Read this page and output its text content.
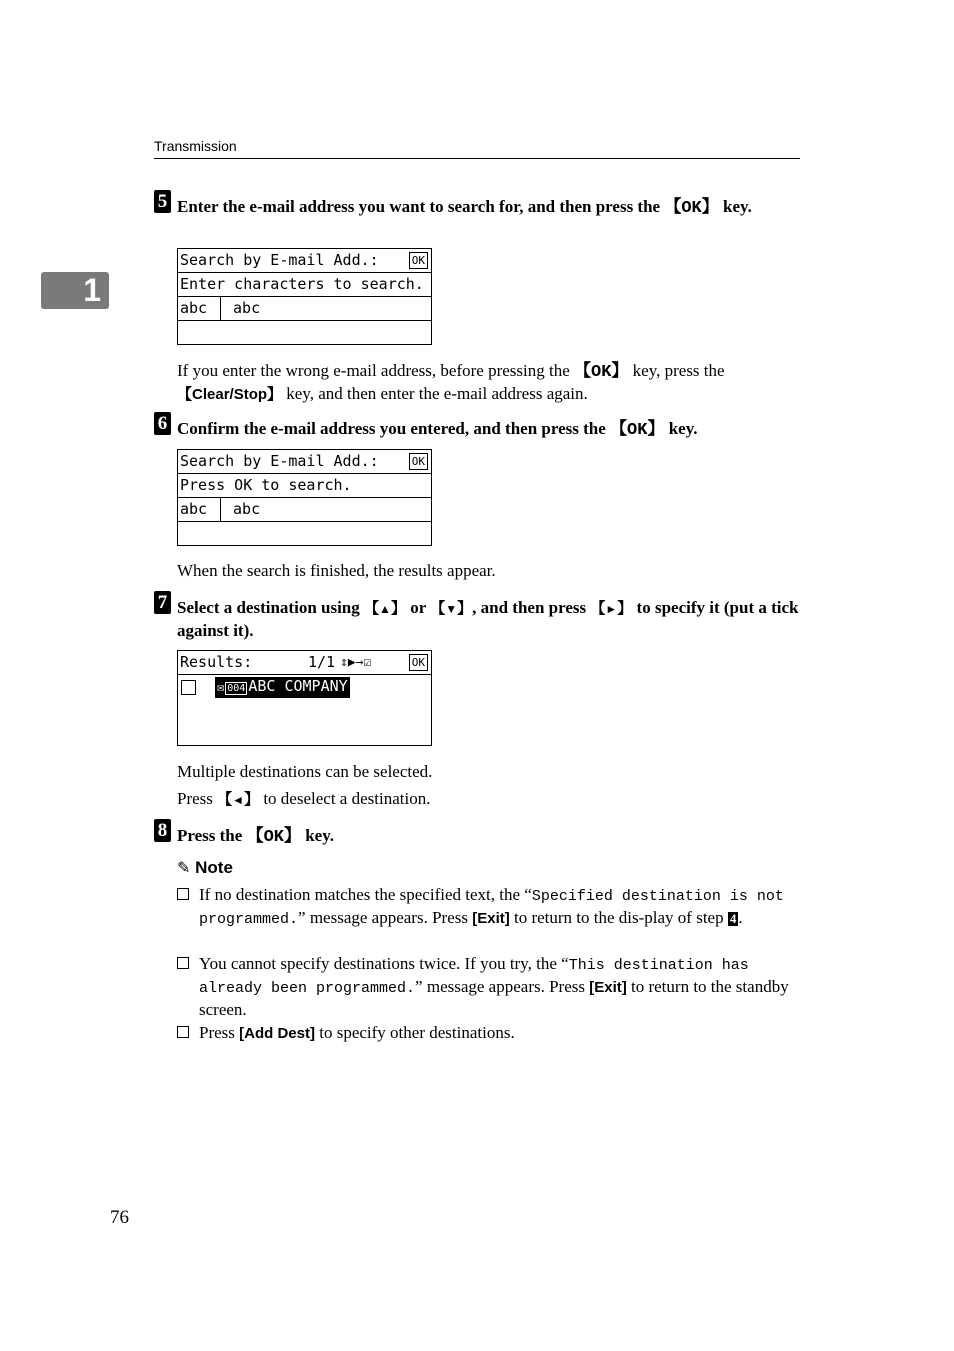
Transmission
1
5 Enter the e-mail address you want to search for, and then press the 【OK】 key.
Search by E-mail Add.:	OK
Enter characters to search.
abc abc
If you enter the wrong e-mail address, before pressing the 【OK】 key, press the 【Clear/Stop】 key, and then enter the e-mail address again.
6 Confirm the e-mail address you entered, and then press the 【OK】 key.
Search by E-mail Add.:	OK
Press OK to search.
abc abc
When the search is finished, the results appear.
7 Select a destination using 【▲】 or 【▼】, and then press 【►】 to specify it (put a tick against it).
Results:	1/1 ⇕▶→☑	OK
✉ 004 ABC COMPANY
Multiple destinations can be selected.
Press 【◄】 to deselect a destination.
8 Press the 【OK】 key.
✎ Note
If no destination matches the specified text, the “Specified destination is not programmed.” message appears. Press [Exit] to return to the dis-play of step 4 .
You cannot specify destinations twice. If you try, the “This destination has already been programmed.” message appears. Press [Exit] to return to the standby screen.
Press [Add Dest] to specify other destinations.
76
